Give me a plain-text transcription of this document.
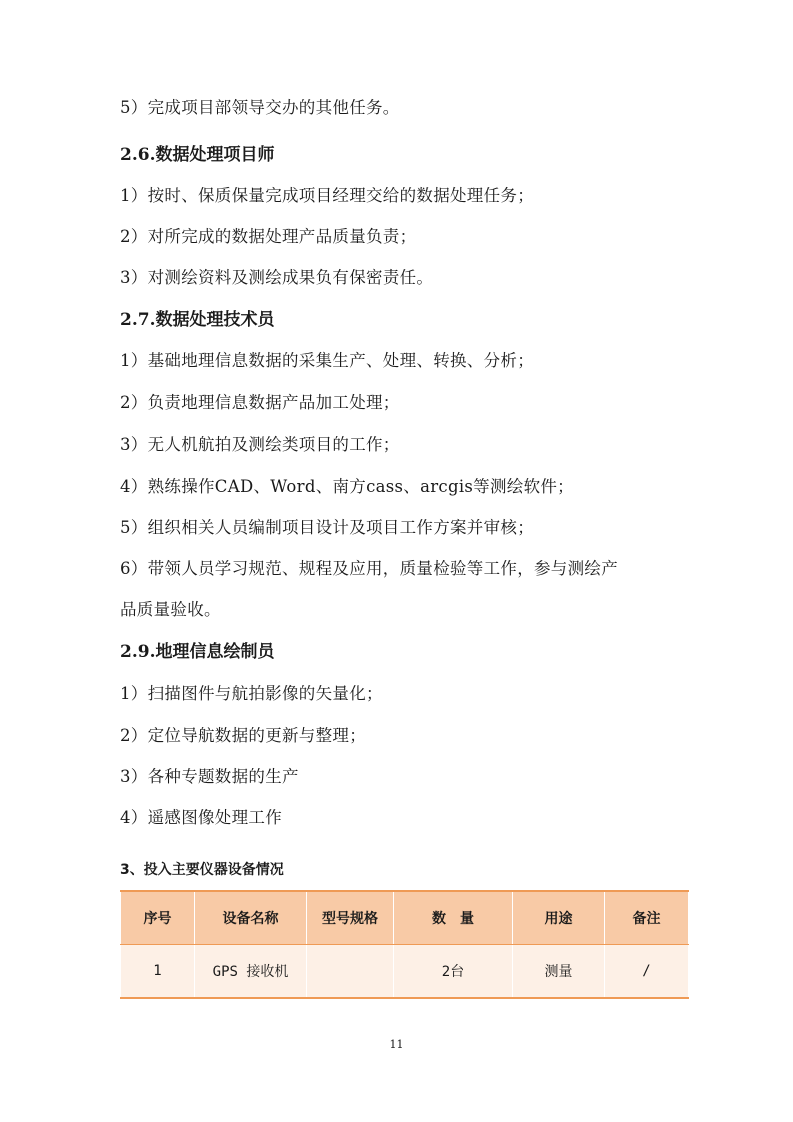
5）完成项目部领导交办的其他任务。
2.6.数据处理项目师
1）按时、保质保量完成项目经理交给的数据处理任务；
2）对所完成的数据处理产品质量负责；
3）对测绘资料及测绘成果负有保密责任。
2.7.数据处理技术员
1）基础地理信息数据的采集生产、处理、转换、分析；
2）负责地理信息数据产品加工处理；
3）无人机航拍及测绘类项目的工作；
4）熟练操作CAD、Word、南方cass、arcgis等测绘软件；
5）组织相关人员编制项目设计及项目工作方案并审核；
6）带领人员学习规范、规程及应用，质量检验等工作，参与测绘产
品质量验收。
2.9.地理信息绘制员
1）扫描图件与航拍影像的矢量化；
2）定位导航数据的更新与整理；
3）各种专题数据的生产
4）遥感图像处理工作
3、投入主要仪器设备情况
序号	设备名称	型号规格	数　量	用途	备注
1	GPS 接收机		2台	测量	/
11
